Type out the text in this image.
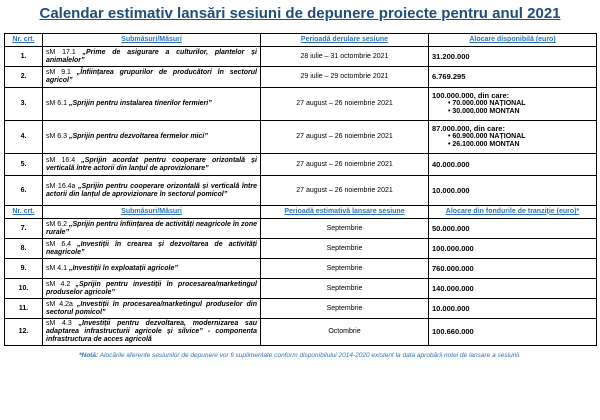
Calendar estimativ lansări sesiuni de depunere proiecte pentru anul 2021
Nr. crt.	Submăsuri/Măsuri	Perioadă derulare sesiune	Alocare disponibilă (euro)
1.	sM 17.1 „Prime de asigurare a culturilor, plantelor și animalelor”	28 iulie – 31 octombrie 2021	31.200.000

2.	sM 9.1 „Înființarea grupurilor de producători în sectorul agricol”	29 iulie – 29 octombrie 2021	6.769.295

3.	sM 6.1 „Sprijin pentru instalarea tinerilor fermieri”	27 august – 26 noiembrie 2021	100.000.000, din care:
• 70.000.000 NAȚIONAL
• 30.000.000 MONTAN

4.	sM 6.3 „Sprijin pentru dezvoltarea fermelor mici”	27 august – 26 noiembrie 2021	87.000.000, din care:
• 60.900.000 NAȚIONAL
• 26.100.000 MONTAN

5.	sM 16.4 „Sprijin acordat pentru cooperare orizontală și verticală între actorii din lanțul de aprovizionare”	27 august – 26 noiembrie 2021	40.000.000

6.	sM 16.4a „Sprijin pentru cooperare orizontală și verticală între actorii din lanțul de aprovizionare în sectorul pomicol”	27 august – 26 noiembrie 2021	10.000.000

Nr. crt.	Submăsuri/Măsuri	Perioadă estimativă lansare sesiune	Alocare din fondurile de tranziție (euro)*
7.	sM 6.2 „Sprijin pentru înființarea de activități neagricole în zone rurale”	Septembrie	50.000.000

8.	sM 6.4 „Investiții în crearea și dezvoltarea de activități neagricole”	Septembrie	100.000.000

9.	sM 4.1 „Investiții în exploatații agricole”	Septembrie	760.000.000

10.	sM 4.2 „Sprijin pentru investiții în procesarea/marketingul produselor agricole”	Septembrie	140.000.000

11.	sM 4.2a „Investiții în procesarea/marketingul produselor din sectorul pomicol”	Septembrie	10.000.000

12.	sM 4.3 „Investiții pentru dezvoltarea, modernizarea sau adaptarea infrastructurii agricole și silvice” - componenta infrastructura de acces agricolă	Octombrie	100.660.000
*Notă: Alocările aferente sesiunilor de depunere vor fi suplimentate conform disponibilului 2014-2020 existent la data aprobării notei de lansare a sesiunii.
